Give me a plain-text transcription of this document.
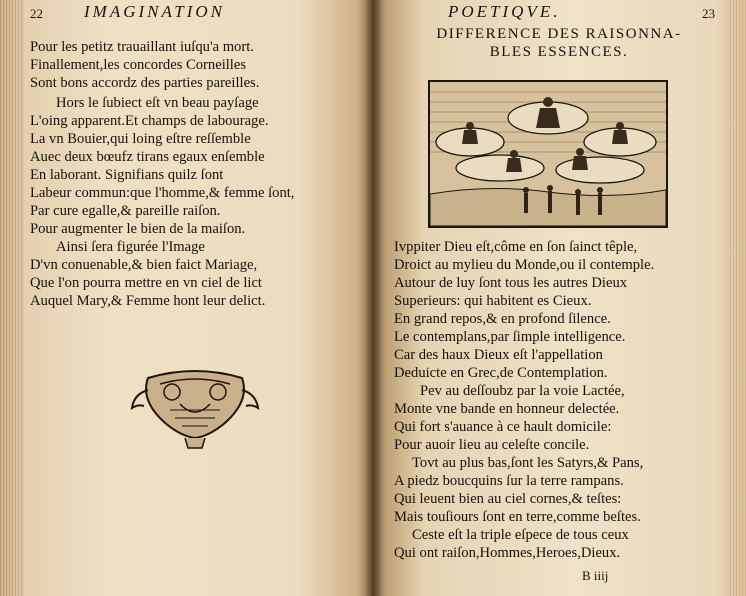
22 IMAGINATION
Pour les petitz trauaillant iuſqu'a mort.
Finallement,les concordes Corneilles
Sont bons accordz des parties pareilles.
Hors le ſubiect eſt vn beau payſage
L'oing apparent.Et champs de labourage.
La vn Bouier,qui loing eſtre reſſemble
Auec deux bœufz tirans egaux enſemble
En laborant. Signifians quilz ſont
Labeur commun:que l'homme,& femme ſont,
Par cure egalle,& pareille raiſon.
Pour augmenter le bien de la maiſon.
Ainsi ſera figurée l'Image
D'vn conuenable,& bien faict Mariage,
Que l'on pourra mettre en vn ciel de lict
Auquel Mary,& Femme hont leur delict.
POETIQVE.	23
DIFFERENCE DES RAISONNA-
BLES ESSENCES.
Ivppiter Dieu eſt,côme en ſon ſainct têple,
Droict au mylieu du Monde,ou il contemple.
Autour de luy ſont tous les autres Dieux
Superieurs: qui habitent es Cieux.
En grand repos,& en profond ſilence.
Le contemplans,par ſimple intelligence.
Car des haux Dieux eſt l'appellation
Deduicte en Grec,de Contemplation.
Pev au deſſoubz par la voie Lactée,
Monte vne bande en honneur delectée.
Qui fort s'auance à ce hault domicile:
Pour auoir lieu au celeſte concile.
Tovt au plus bas,ſont les Satyrs,& Pans,
A piedz boucquins ſur la terre rampans.
Qui leuent bien au ciel cornes,& teſtes:
Mais touſiours ſont en terre,comme beſtes.
Ceste eſt la triple eſpece de tous ceux
Qui ont raiſon,Hommes,Heroes,Dieux.
B iiij
